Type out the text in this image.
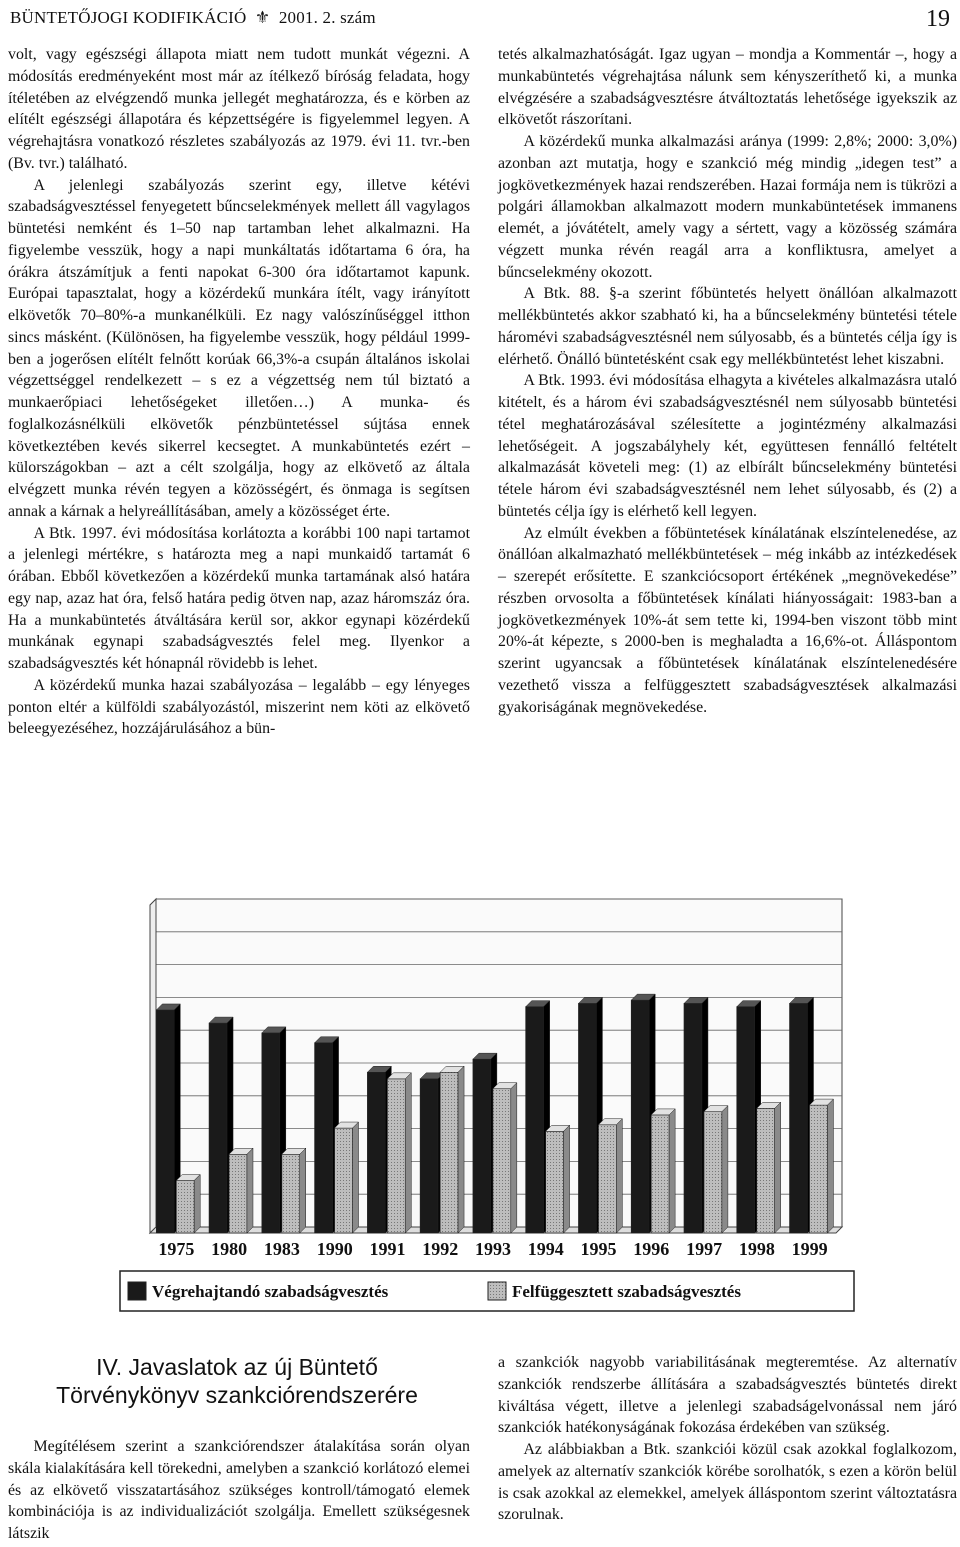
BÜNTETŐJOGI KODIFIKÁCIÓ ⚜ 2001. 2. szám	19

volt, vagy egészségi állapota miatt nem tudott munkát végezni. A módosítás eredményeként most már az ítélkező bíróság feladata, hogy ítéletében az elvégzendő munka jellegét meghatározza, és e körben az elítélt egészségi állapotára és képzettségére is figyelemmel legyen. A végrehajtásra vonatkozó részletes szabályozás az 1979. évi 11. tvr.-ben (Bv. tvr.) található.

A jelenlegi szabályozás szerint egy, illetve kétévi szabadságvesztéssel fenyegetett bűncselekmények mellett áll vagylagos büntetési nemként és 1–50 nap tartamban lehet alkalmazni. Ha figyelembe vesszük, hogy a napi munkáltatás időtartama 6 óra, ha órákra átszámítjuk a fenti napokat 6-300 óra időtartamot kapunk. Európai tapasztalat, hogy a közérdekű munkára ítélt, vagy irányított elkövetők 70–80%-a munkanélküli. Ez nagy valószínűséggel itthon sincs másként. (Különösen, ha figyelembe vesszük, hogy például 1999-ben a jogerősen elítélt felnőtt korúak 66,3%-a csupán általános iskolai végzettséggel rendelkezett – s ez a végzettség nem túl biztató a munkaerőpiaci lehetőségeket illetően…) A munka- és foglalkozásnélküli elkövetők pénzbüntetéssel sújtása ennek következtében kevés sikerrel kecsegtet. A munkabüntetés ezért – külországokban – azt a célt szolgálja, hogy az elkövető az általa elvégzett munka révén tegyen a közösségért, és önmaga is segítsen annak a kárnak a helyreállításában, amely a közösséget érte.

A Btk. 1997. évi módosítása korlátozta a korábbi 100 napi tartamot a jelenlegi mértékre, s határozta meg a napi munkaidő tartamát 6 órában. Ebből következően a közérdekű munka tartamának alsó határa egy nap, azaz hat óra, felső határa pedig ötven nap, azaz háromszáz óra. Ha a munkabüntetés átváltására kerül sor, akkor egynapi közérdekű munkának egynapi szabadságvesztés felel meg. Ilyenkor a szabadságvesztés két hónapnál rövidebb is lehet.

A közérdekű munka hazai szabályozása – legalább – egy lényeges ponton eltér a külföldi szabályozástól, miszerint nem köti az elkövető beleegyezéséhez, hozzájárulásához a bün-

tetés alkalmazhatóságát. Igaz ugyan – mondja a Kommentár –, hogy a munkabüntetés végrehajtása nálunk sem kényszeríthető ki, a munka elvégzésére a szabadságvesztésre átváltoztatás lehetősége igyekszik az elkövetőt rászorítani.

A közérdekű munka alkalmazási aránya (1999: 2,8%; 2000: 3,0%) azonban azt mutatja, hogy e szankció még mindig „idegen test” a jogkövetkezmények hazai rendszerében. Hazai formája nem is tükrözi a polgári államokban alkalmazott modern munkabüntetések immanens elemét, a jóvátételt, amely vagy a sértett, vagy a közösség számára végzett munka révén reagál arra a konfliktusra, amelyet a bűncselekmény okozott.

A Btk. 88. §-a szerint főbüntetés helyett önállóan alkalmazott mellékbüntetés akkor szabható ki, ha a bűncselekmény büntetési tétele háromévi szabadságvesztésnél nem súlyosabb, és a büntetés célja így is elérhető. Önálló büntetésként csak egy mellékbüntetést lehet kiszabni.

A Btk. 1993. évi módosítása elhagyta a kivételes alkalmazásra utaló kitételt, és a három évi szabadságvesztésnél nem súlyosabb büntetési tétel meghatározásával szélesítette a jogintézmény alkalmazási lehetőségeit. A jogszabályhely két, együttesen fennálló feltételt alkalmazását követeli meg: (1) az elbírált bűncselekmény büntetési tétele három évi szabadságvesztésnél nem lehet súlyosabb, és (2) a büntetés célja így is elérhető kell legyen.

Az elmúlt években a főbüntetések kínálatának elszíntelenedése, az önállóan alkalmazható mellékbüntetések – még inkább az intézkedések – szerepét erősítette. E szankciócsoport értékének „megnövekedése” részben orvosolta a főbüntetések kínálati hiányosságait: 1983-ban a jogkövetkezmények 10%-át sem tette ki, 1994-ben viszont több mint 20%-át képezte, s 2000-ben is meghaladta a 16,6%-ot. Álláspontom szerint ugyancsak a főbüntetések kínálatának elszíntelenedésére vezethető vissza a felfüggesztett szabadságvesztések alkalmazási gyakoriságának megnövekedése.

1975 1980 1983 1990 1991 1992 1993 1994 1995 1996 1997 1998 1999
Végrehajtandó szabadságvesztés	Felfüggesztett szabadságvesztés
IV. Javaslatok az új Büntető
Törvénykönyv szankciórendszerére

Megítélésem szerint a szankciórendszer átalakítása során olyan skála kialakítására kell törekedni, amelyben a szankció korlátozó elemei és az elkövető visszatartásához szükséges kontroll/támogató elemek kombinációja is az individualizációt szolgálja. Emellett szükségesnek látszik

a szankciók nagyobb variabilitásának megteremtése. Az alternatív szankciók rendszerbe állítására a szabadságvesztés büntetés direkt kiváltása végett, illetve a jelenlegi szabadságelvonással nem járó szankciók hatékonyságának fokozása érdekében van szükség.

Az alábbiakban a Btk. szankciói közül csak azokkal foglalkozom, amelyek az alternatív szankciók körébe sorolhatók, s ezen a körön belül is csak azokkal az elemekkel, amelyek álláspontom szerint változtatásra szorulnak.
